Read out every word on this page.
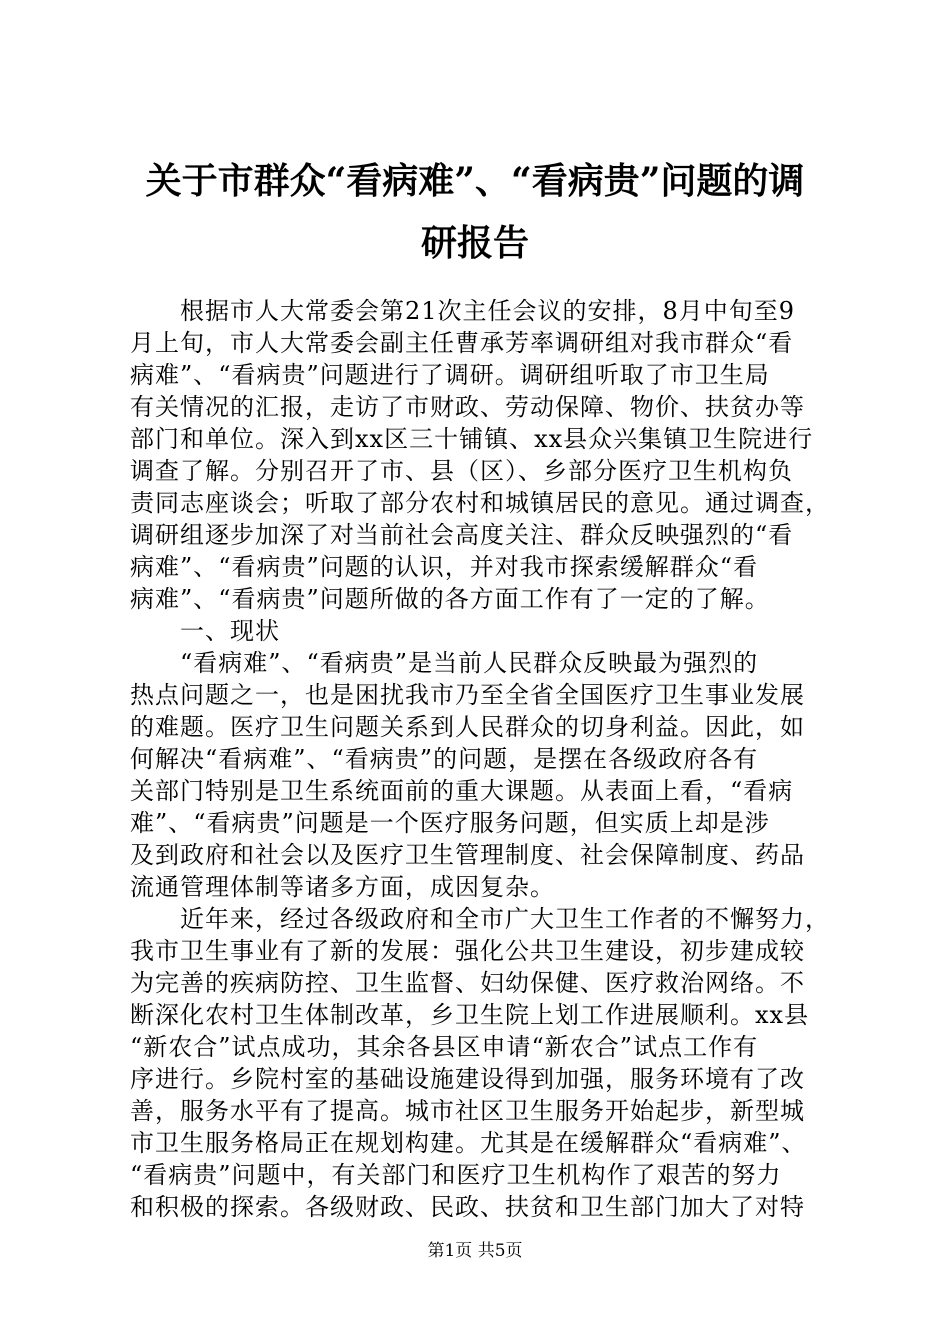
关于市群众“看病难”、“看病贵”问题的调
研报告
　　根据市人大常委会第21次主任会议的安排，8月中旬至9
月上旬，市人大常委会副主任曹承芳率调研组对我市群众“看
病难”、“看病贵”问题进行了调研。调研组听取了市卫生局
有关情况的汇报，走访了市财政、劳动保障、物价、扶贫办等
部门和单位。深入到xx区三十铺镇、xx县众兴集镇卫生院进行
调查了解。分别召开了市、县（区）、乡部分医疗卫生机构负
责同志座谈会；听取了部分农村和城镇居民的意见。通过调查，
调研组逐步加深了对当前社会高度关注、群众反映强烈的“看
病难”、“看病贵”问题的认识，并对我市探索缓解群众“看
病难”、“看病贵”问题所做的各方面工作有了一定的了解。
　　一、现状
　　“看病难”、“看病贵”是当前人民群众反映最为强烈的
热点问题之一，也是困扰我市乃至全省全国医疗卫生事业发展
的难题。医疗卫生问题关系到人民群众的切身利益。因此，如
何解决“看病难”、“看病贵”的问题，是摆在各级政府各有
关部门特别是卫生系统面前的重大课题。从表面上看，“看病
难”、“看病贵”问题是一个医疗服务问题，但实质上却是涉
及到政府和社会以及医疗卫生管理制度、社会保障制度、药品
流通管理体制等诸多方面，成因复杂。
　　近年来，经过各级政府和全市广大卫生工作者的不懈努力，
我市卫生事业有了新的发展：强化公共卫生建设，初步建成较
为完善的疾病防控、卫生监督、妇幼保健、医疗救治网络。不
断深化农村卫生体制改革，乡卫生院上划工作进展顺利。xx县
“新农合”试点成功，其余各县区申请“新农合”试点工作有
序进行。乡院村室的基础设施建设得到加强，服务环境有了改
善，服务水平有了提高。城市社区卫生服务开始起步，新型城
市卫生服务格局正在规划构建。尤其是在缓解群众“看病难”、
“看病贵”问题中，有关部门和医疗卫生机构作了艰苦的努力
和积极的探索。各级财政、民政、扶贫和卫生部门加大了对特
第1页 共5页
